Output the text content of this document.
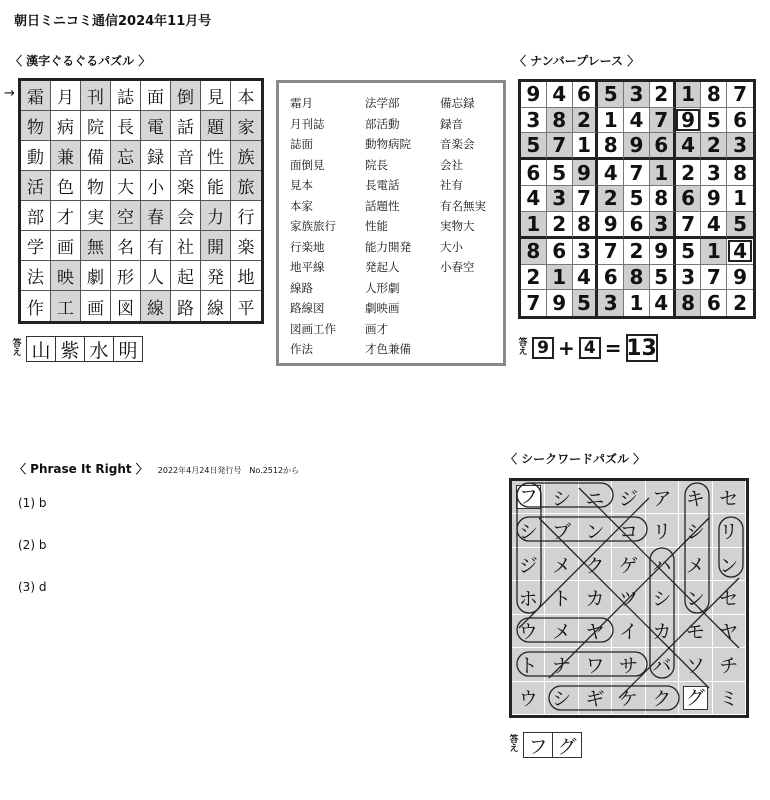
朝日ミニコミ通信2024年11月号
〈 漢字ぐるぐるパズル 〉
→ 霜 月 刊 誌 面 倒 見 本
物 病 院 長 電 話 題 家
動 兼 備 忘 録 音 性 族
活 色 物 大 小 楽 能 旅
部 才 実 空 春 会 力 行
学 画 無 名 有 社 開 楽
法 映 劇 形 人 起 発 地
作 工 画 図 線 路 線 平
答え 山 紫 水 明
霜月
月刊誌
誌面
面倒見
見本
本家
家族旅行
行楽地
地平線
線路
路線図
図画工作
作法
法学部
部活動
動物病院
院長
長電話
話題性
性能
能力開発
発起人
人形劇
劇映画
画才
才色兼備
備忘録
録音
音楽会
会社
社有
有名無実
実物大
大小
小春空
〈 ナンバープレース 〉
9 4 6 5 3 2 1 8 7
3 8 2 1 4 7 9 5 6
5 7 1 8 9 6 4 2 3
6 5 9 4 7 1 2 3 8
4 3 7 2 5 8 6 9 1
1 2 8 9 6 3 7 4 5
8 6 3 7 2 9 5 1 4
2 1 4 6 8 5 3 7 9
7 9 5 3 1 4 8 6 2
答え 9 + 4 = 13
〈 Phrase It Right 〉 2022年4月24日発行号　No.2512から
(1) b
(2) b
(3) d
〈 シークワードパズル 〉
フ シ ニ ジ ア キ セ
シ ブ ン コ リ シ リ
ジ メ ク ゲ ハ メ ン
ホ ト カ ツ シ ン セ
ウ メ ヤ イ カ モ ヤ
ト ナ ワ サ バ ソ チ
ウ シ ギ ケ ク グ ミ
答え フ グ
